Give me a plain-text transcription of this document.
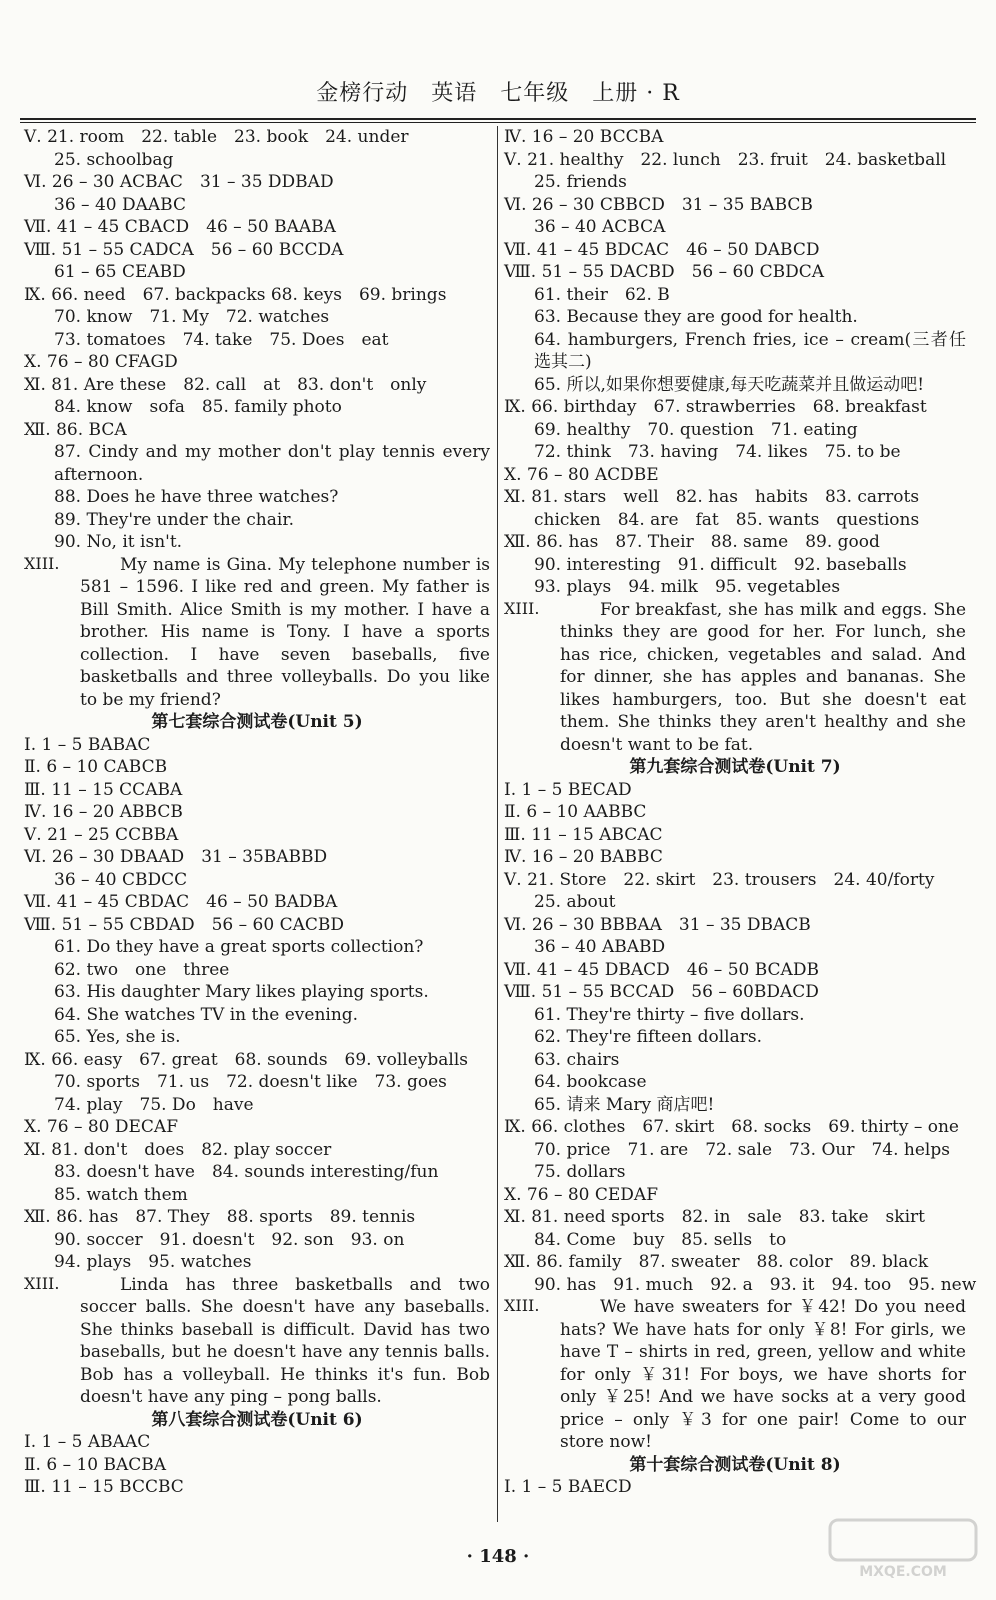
金榜行动　英语　七年级　上册 · R
Ⅴ. 21. room　22. table　23. book　24. under
25. schoolbag
Ⅵ. 26 – 30 ACBAC　31 – 35 DDBAD
36 – 40 DAABC
Ⅶ. 41 – 45 CBACD　46 – 50 BAABA
Ⅷ. 51 – 55 CADCA　56 – 60 BCCDA
61 – 65 CEABD
Ⅸ. 66. need　67. backpacks 68. keys　69. brings
70. know　71. My　72. watches
73. tomatoes　74. take　75. Does　eat
Ⅹ. 76 – 80 CFAGD
Ⅺ. 81. Are these　82. call　at　83. don't　only
84. know　sofa　85. family photo
Ⅻ. 86. BCA
87. Cindy and my mother don't play tennis every afternoon.
88. Does he have three watches?
89. They're under the chair.
90. No, it isn't.
XIII.	My name is Gina. My telephone number is 581 – 1596. I like red and green. My father is Bill Smith. Alice Smith is my mother. I have a brother. His name is Tony. I have a sports collection. I have seven baseballs, five basketballs and three volleyballs. Do you like to be my friend?
第七套综合测试卷(Unit 5)
Ⅰ. 1 – 5 BABAC
Ⅱ. 6 – 10 CABCB
Ⅲ. 11 – 15 CCABA
Ⅳ. 16 – 20 ABBCB
Ⅴ. 21 – 25 CCBBA
Ⅵ. 26 – 30 DBAAD　31 – 35BABBD
36 – 40 CBDCC
Ⅶ. 41 – 45 CBDAC　46 – 50 BADBA
Ⅷ. 51 – 55 CBDAD　56 – 60 CACBD
61. Do they have a great sports collection?
62. two　one　three
63. His daughter Mary likes playing sports.
64. She watches TV in the evening.
65. Yes, she is.
Ⅸ. 66. easy　67. great　68. sounds　69. volleyballs
70. sports　71. us　72. doesn't like　73. goes
74. play　75. Do　have
Ⅹ. 76 – 80 DECAF
Ⅺ. 81. don't　does　82. play soccer
83. doesn't have　84. sounds interesting/fun
85. watch them
Ⅻ. 86. has　87. They　88. sports　89. tennis
90. soccer　91. doesn't　92. son　93. on
94. plays　95. watches
XIII.	Linda has three basketballs and two soccer balls. She doesn't have any baseballs. She thinks baseball is difficult. David has two baseballs, but he doesn't have any tennis balls. Bob has a volleyball. He thinks it's fun. Bob doesn't have any ping – pong balls.
第八套综合测试卷(Unit 6)
Ⅰ. 1 – 5 ABAAC
Ⅱ. 6 – 10 BACBA
Ⅲ. 11 – 15 BCCBC
Ⅳ. 16 – 20 BCCBA
Ⅴ. 21. healthy　22. lunch　23. fruit　24. basketball
25. friends
Ⅵ. 26 – 30 CBBCD　31 – 35 BABCB
36 – 40 ACBCA
Ⅶ. 41 – 45 BDCAC　46 – 50 DABCD
Ⅷ. 51 – 55 DACBD　56 – 60 CBDCA
61. their　62. B
63. Because they are good for health.
64. hamburgers, French fries, ice – cream(三者任选其二)
65. 所以,如果你想要健康,每天吃蔬菜并且做运动吧!
Ⅸ. 66. birthday　67. strawberries　68. breakfast
69. healthy　70. question　71. eating
72. think　73. having　74. likes　75. to be
Ⅹ. 76 – 80 ACDBE
Ⅺ. 81. stars　well　82. has　habits　83. carrots
chicken　84. are　fat　85. wants　questions
Ⅻ. 86. has　87. Their　88. same　89. good
90. interesting　91. difficult　92. baseballs
93. plays　94. milk　95. vegetables
XIII.	For breakfast, she has milk and eggs. She thinks they are good for her. For lunch, she has rice, chicken, vegetables and salad. And for dinner, she has apples and bananas. She likes hamburgers, too. But she doesn't eat them. She thinks they aren't healthy and she doesn't want to be fat.
第九套综合测试卷(Unit 7)
Ⅰ. 1 – 5 BECAD
Ⅱ. 6 – 10 AABBC
Ⅲ. 11 – 15 ABCAC
Ⅳ. 16 – 20 BABBC
Ⅴ. 21. Store　22. skirt　23. trousers　24. 40/forty
25. about
Ⅵ. 26 – 30 BBBAA　31 – 35 DBACB
36 – 40 ABABD
Ⅶ. 41 – 45 DBACD　46 – 50 BCADB
Ⅷ. 51 – 55 BCCAD　56 – 60BDACD
61. They're thirty – five dollars.
62. They're fifteen dollars.
63. chairs
64. bookcase
65. 请来 Mary 商店吧!
Ⅸ. 66. clothes　67. skirt　68. socks　69. thirty – one
70. price　71. are　72. sale　73. Our　74. helps
75. dollars
Ⅹ. 76 – 80 CEDAF
Ⅺ. 81. need sports　82. in　sale　83. take　skirt
84. Come　buy　85. sells　to
Ⅻ. 86. family　87. sweater　88. color　89. black
90. has　91. much　92. a　93. it　94. too　95. new
XIII.	We have sweaters for ￥42! Do you need hats? We have hats for only ￥8! For girls, we have T – shirts in red, green, yellow and white for only ￥31! For boys, we have shorts for only ￥25! And we have socks at a very good price – only ￥3 for one pair! Come to our store now!
第十套综合测试卷(Unit 8)
Ⅰ. 1 – 5 BAECD
· 148 ·
MXQE.COM
